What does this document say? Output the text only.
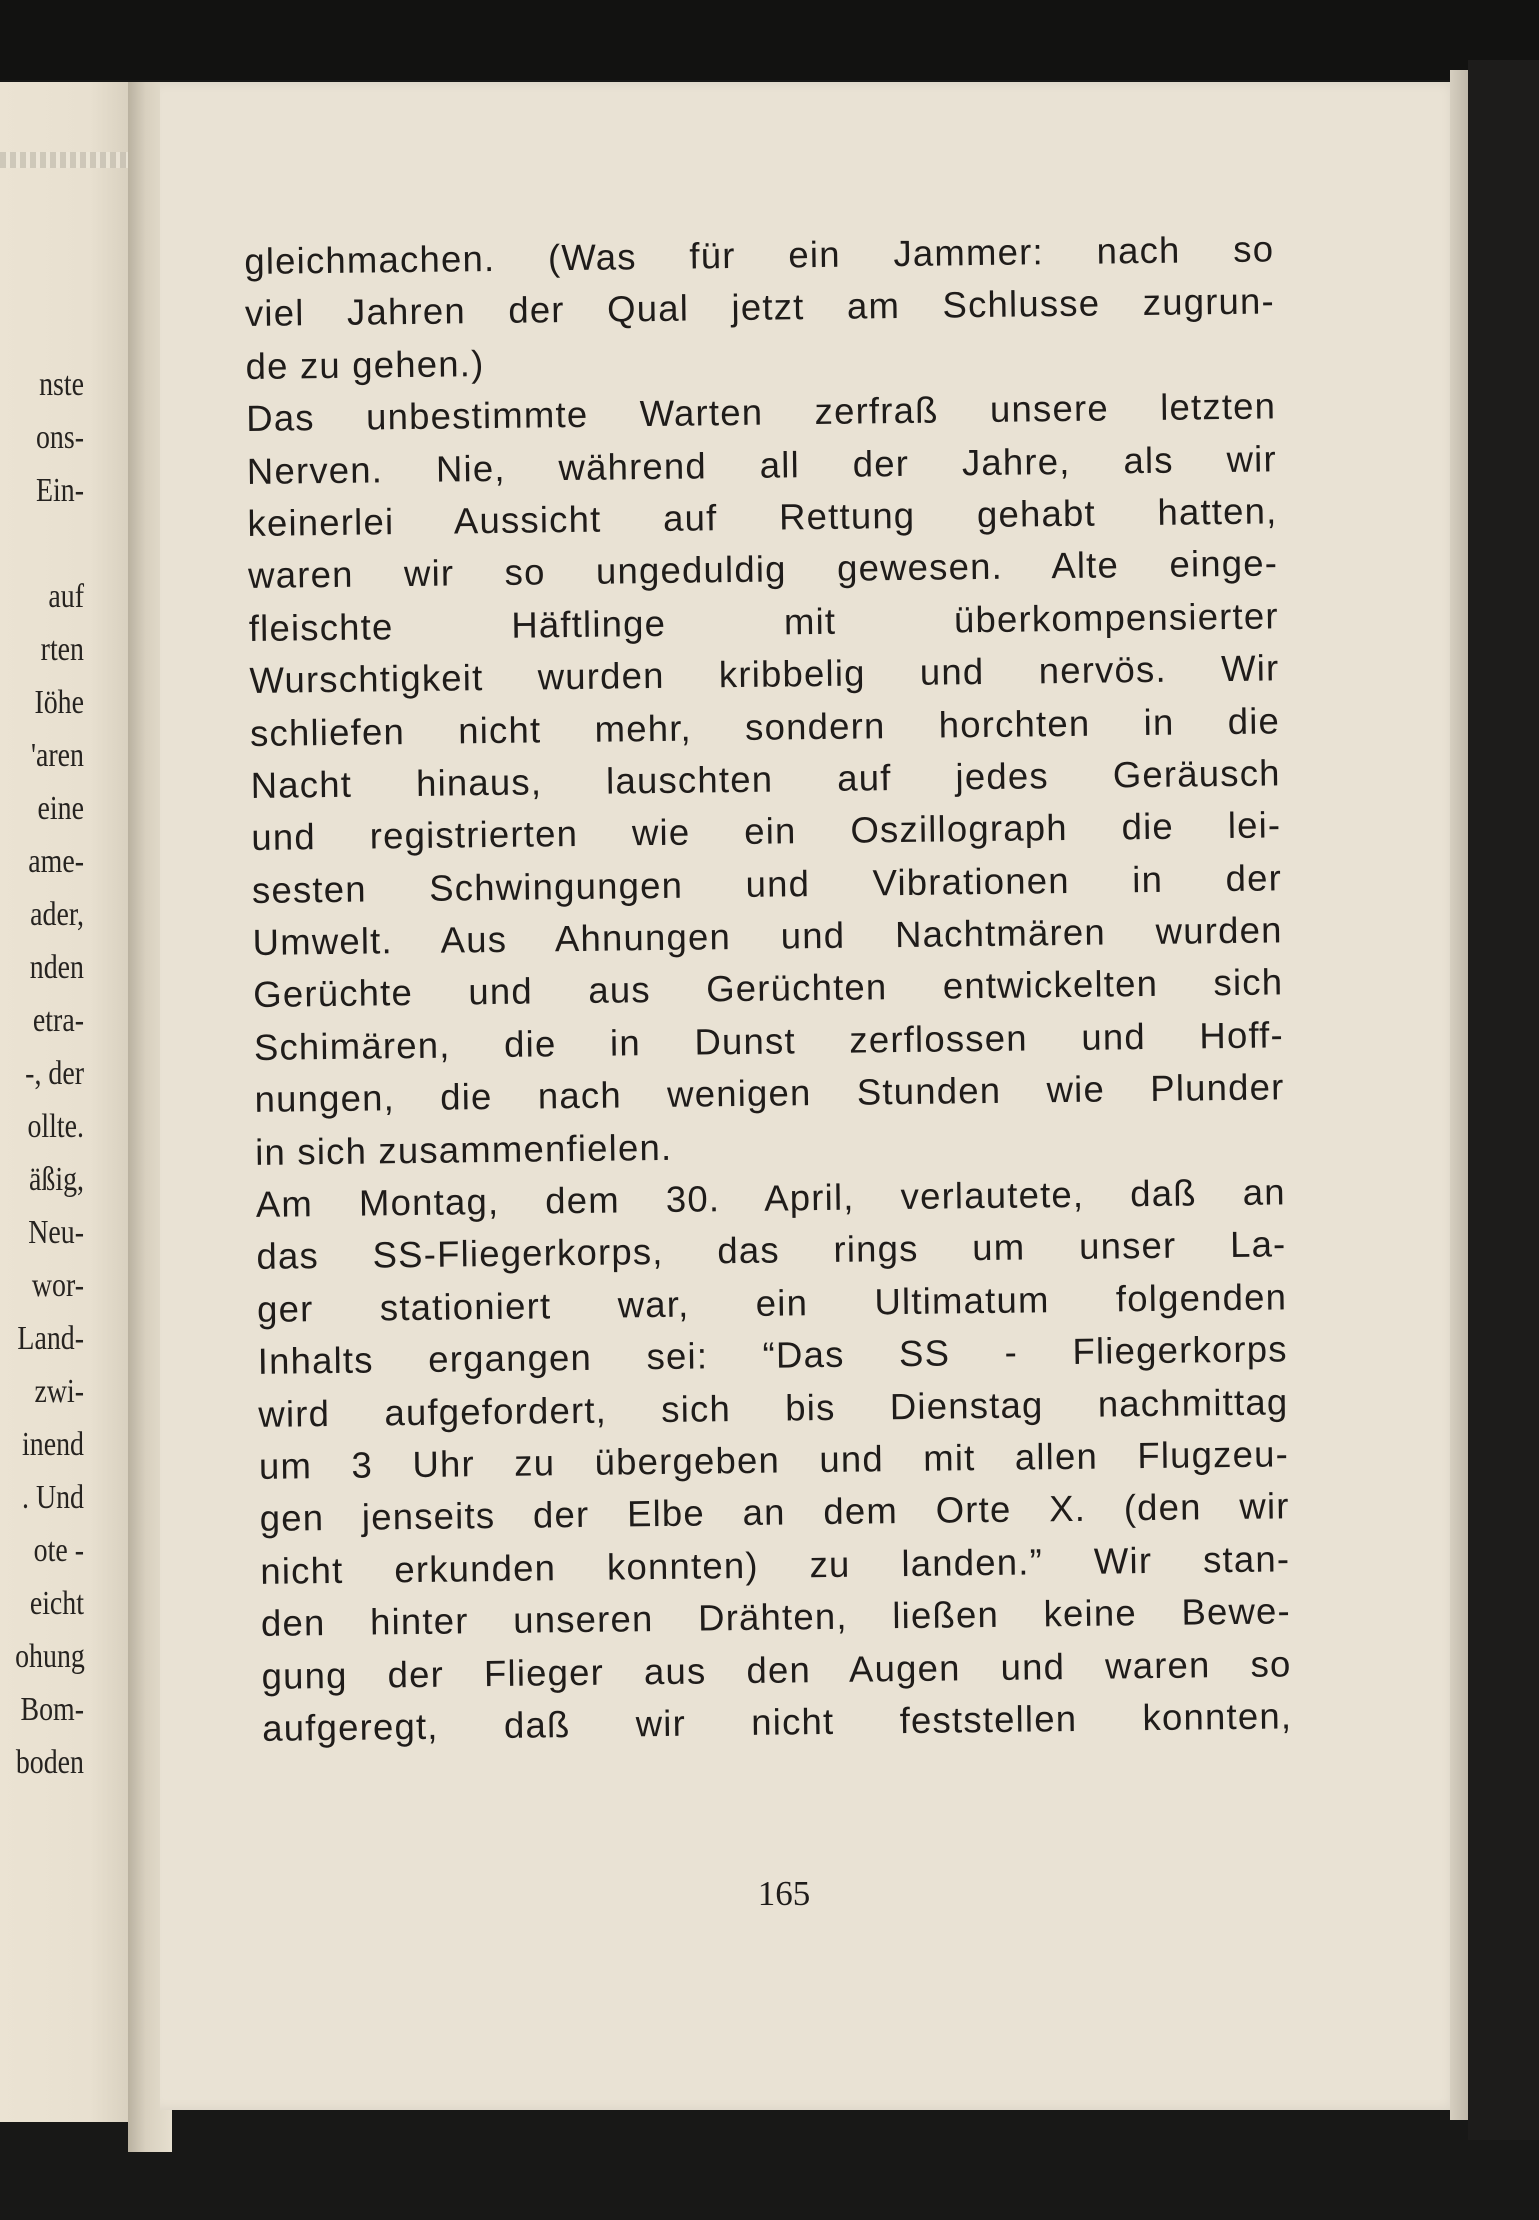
nste
ons-
Ein-
auf
rten
Iöhe
'aren
eine
ame-
ader,
nden
etra-
-, der
ollte.
äßig,
Neu-
wor-
Land-
zwi-
inend
. Und
ote -
eicht
ohung
Bom-
boden
gleichmachen. (Was für ein Jammer: nach so
viel Jahren der Qual jetzt am Schlusse zugrun-
de zu gehen.)
Das unbestimmte Warten zerfraß unsere letzten
Nerven. Nie, während all der Jahre, als wir
keinerlei Aussicht auf Rettung gehabt hatten,
waren wir so ungeduldig gewesen. Alte einge-
fleischte Häftlinge mit überkompensierter
Wurschtigkeit wurden kribbelig und nervös. Wir
schliefen nicht mehr, sondern horchten in die
Nacht hinaus, lauschten auf jedes Geräusch
und registrierten wie ein Oszillograph die lei-
sesten Schwingungen und Vibrationen in der
Umwelt. Aus Ahnungen und Nachtmären wurden
Gerüchte und aus Gerüchten entwickelten sich
Schimären, die in Dunst zerflossen und Hoff-
nungen, die nach wenigen Stunden wie Plunder
in sich zusammenfielen.
Am Montag, dem 30. April, verlautete, daß an
das SS-Fliegerkorps, das rings um unser La-
ger stationiert war, ein Ultimatum folgenden
Inhalts ergangen sei: “Das SS - Fliegerkorps
wird aufgefordert, sich bis Dienstag nachmittag
um 3 Uhr zu übergeben und mit allen Flugzeu-
gen jenseits der Elbe an dem Orte X. (den wir
nicht erkunden konnten) zu landen.” Wir stan-
den hinter unseren Drähten, ließen keine Bewe-
gung der Flieger aus den Augen und waren so
aufgeregt, daß wir nicht feststellen konnten,
165
